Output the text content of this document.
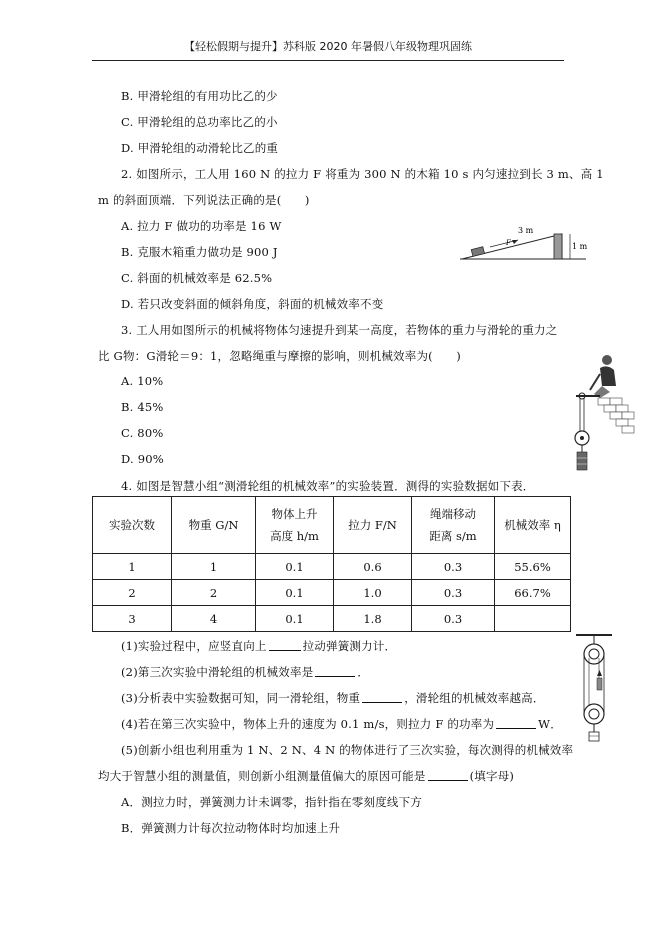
【轻松假期与提升】苏科版 2020 年暑假八年级物理巩固练
B. 甲滑轮组的有用功比乙的少
C. 甲滑轮组的总功率比乙的小
D. 甲滑轮组的动滑轮比乙的重
2. 如图所示，工人用 160 N 的拉力 F 将重为 300 N 的木箱 10 s 内匀速拉到长 3 m、高 1
m 的斜面顶端．下列说法正确的是(　　)
A. 拉力 F 做功的功率是 16 W
B. 克服木箱重力做功是 900 J
C. 斜面的机械效率是 62.5%
D. 若只改变斜面的倾斜角度，斜面的机械效率不变
F
3 m
1 m
3. 工人用如图所示的机械将物体匀速提升到某一高度，若物体的重力与滑轮的重力之
比 G物：G滑轮＝9：1，忽略绳重与摩擦的影响，则机械效率为(　　)
A. 10%
B. 45%
C. 80%
D. 90%
4. 如图是智慧小组“测滑轮组的机械效率”的实验装置．测得的实验数据如下表．
实验次数	物重 G/N	物体上升
高度 h/m	拉力 F/N	绳端移动
距离 s/m	机械效率 η
1	1	0.1	0.6	0.3	55.6%
2	2	0.1	1.0	0.3	66.7%
3	4	0.1	1.8	0.3	
(1)实验过程中，应竖直向上	拉动弹簧测力计．
(2)第三次实验中滑轮组的机械效率是	．
(3)分析表中实验数据可知，同一滑轮组，物重	，滑轮组的机械效率越高．
(4)若在第三次实验中，物体上升的速度为 0.1 m/s，则拉力 F 的功率为	W．
(5)创新小组也利用重为 1 N、2 N、4 N 的物体进行了三次实验，每次测得的机械效率
均大于智慧小组的测量值，则创新小组测量值偏大的原因可能是	(填字母)
A．测拉力时，弹簧测力计未调零，指针指在零刻度线下方
B．弹簧测力计每次拉动物体时均加速上升
